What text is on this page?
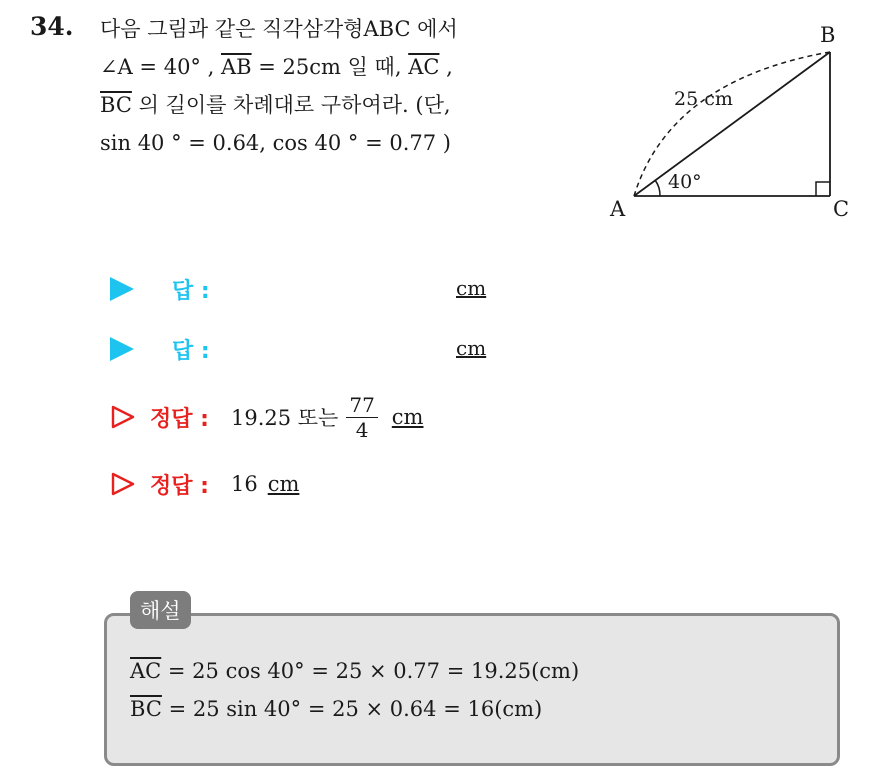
34. 다음 그림과 같은 직각삼각형ABC 에서
∠A = 40° , $\overline{AB} = 25cm$ 일 때, $\overline{AC}$ ,
$\overline{BC}$ 의 길이를 차례대로 구하여라. (단,
sin 40 ° = 0.64, cos 40 ° = 0.77 )
A
B
C
25 cm
40°
답 :	cm
답 :	cm
정답 : 19.25 또는 $\frac{77}{4}$ cm
정답 : 16 cm
해설
$\overline{AC} = 25$ cos 40° = 25 × 0.77 = 19.25(cm)
$\overline{BC} = 25$ sin 40° = 25 × 0.64 = 16(cm)
